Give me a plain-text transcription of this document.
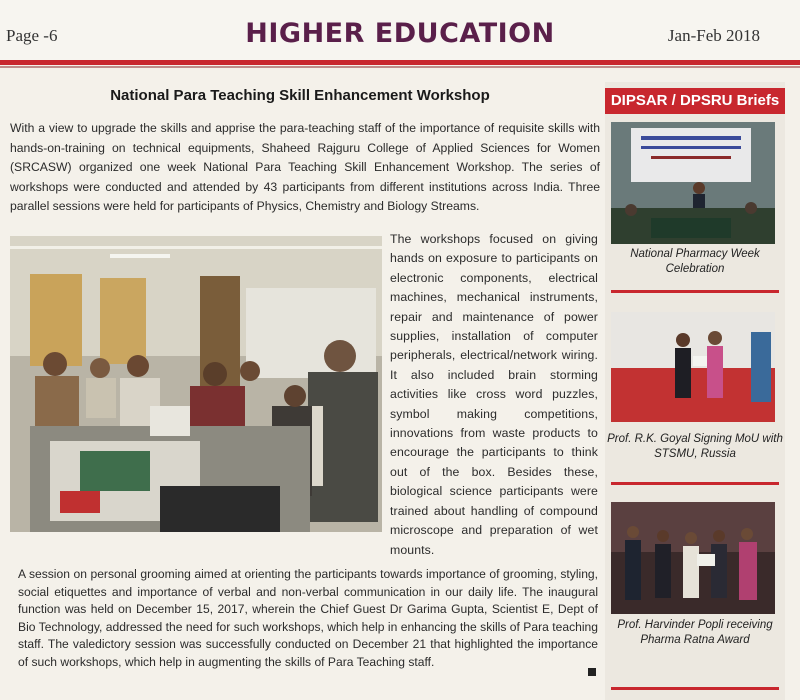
Page -6	HIGHER EDUCATION	Jan-Feb 2018
National Para Teaching Skill Enhancement Workshop
With a view to upgrade the skills and apprise the para-teaching staff of the importance of requisite skills with hands-on-training on technical equipments, Shaheed Rajguru College of Applied Sciences for Women (SRCASW) organized one week National Para Teaching Skill Enhancement Workshop. The series of workshops were conducted and attended by 43 participants from different institutions across India. Three parallel sessions were held for participants of Physics, Chemistry and Biology Streams.
The workshops focused on giving hands on exposure to participants on electronic components, electrical machines, mechanical instruments, repair and maintenance of power supplies, installation of computer peripherals, electrical/network wiring. It also included brain storming activities like cross word puzzles, symbol making competitions, innovations from waste products to encourage the participants to think out of the box. Besides these, biological science participants were trained about handling of compound microscope and preparation of wet mounts.
A session on personal grooming aimed at orienting the participants towards importance of grooming, styling, social etiquettes and importance of verbal and non-verbal communication in our daily life. The inaugural function was held on December 15, 2017, wherein the Chief Guest Dr Garima Gupta, Scientist E, Dept of Bio Technology, addressed the need for such workshops, which help in enhancing the skills of Para teaching staff. The valedictory session was successfully conducted on December 21 that highlighted the importance of such workshops, which help in augmenting the skills of Para Teaching staff.
DIPSAR / DPSRU Briefs
National Pharmacy Week Celebration
Prof. R.K. Goyal Signing MoU with STSMU, Russia
Prof. Harvinder Popli receiving Pharma Ratna Award
